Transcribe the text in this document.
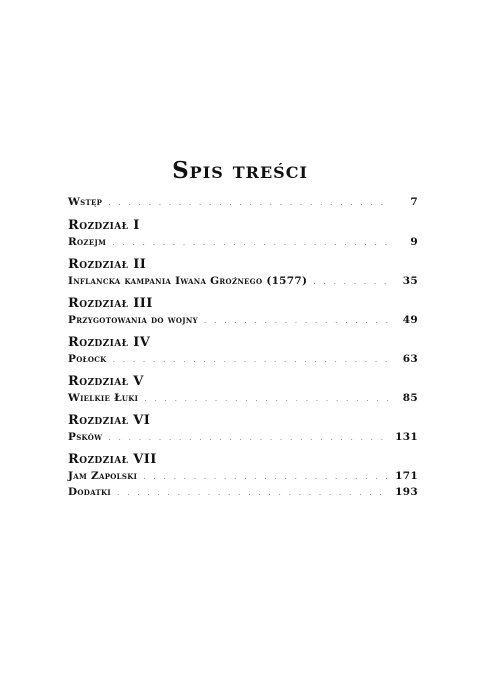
Spis treści
Wstęp . . .	7
Rozdział I
Rozejm . . .	9
Rozdział II
Inflancka kampania Iwana Groźnego (1577) . . .	35
Rozdział III
Przygotowania do wojny . . .	49
Rozdział IV
Połock . . .	63
Rozdział V
Wielkie Łuki . . .	85
Rozdział VI
Psków . . .	131
Rozdział VII
Jam Zapolski . . .	171
Dodatki . . .	193
